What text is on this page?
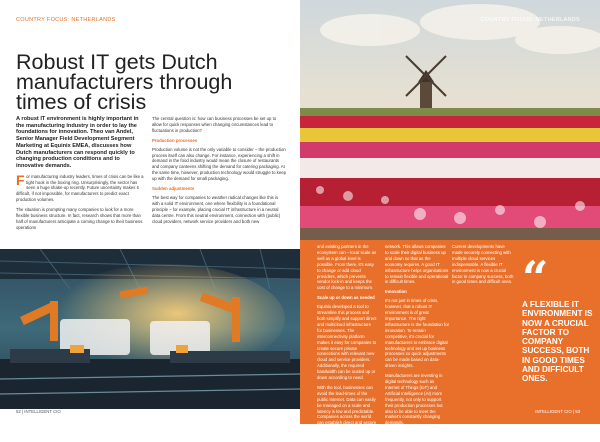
COUNTRY FOCUS: NETHERLANDS
Robust IT gets Dutch manufacturers through times of crisis

A robust IT environment is highly important in the manufacturing industry in order to lay the foundations for innovation. Theo van Andel, Senior Manager Field Development Segment Marketing at Equinix EMEA, discusses how Dutch manufacturers can respond quickly to changing production conditions and to innovative demands.

For manufacturing industry leaders, times of crisis can be like a tight hook in the boxing ring. Unsurprisingly, the sector has seen a huge shake-up recently. Future uncertainty makes it difficult, if not impossible, for manufacturers to predict exact production volumes.

The situation is prompting many companies to look for a more flexible business structure. In fact, research shows that more than half of manufacturers anticipate a coming change to their business operations

The central question is: how can business processes be set up to allow for quick responses when changing circumstances lead to fluctuations in production?

Production processes

Production volume is not the only variable to consider – the production process itself can also change. For instance, experiencing a shift in demand in the food industry would mean the closure of restaurants and company canteens shifting the demand for catering packaging. At the same time, however, production technology would struggle to keep up with the demand for small packaging.

Sudden adjustments

The best way for companies to weather radical changes like this is with a solid IT environment, one where flexibility is a foundational principle – for example, placing crucial IT infrastructure in a neutral data centre. From this neutral environment, connection with (public) cloud providers, network service providers and both new

52 | INTELLIGENT CIO
COUNTRY FOCUS: NETHERLANDS

and existing partners in the ecosystem can – local scale as well as a global level is possible. From there, it's easy to change or add cloud providers, which prevents vendor lock-in and keeps the cost of change to a minimum.

Scale up or down as needed

Equinix developed a tool to streamline this process and both simplify and support direct and multicloud infrastructure for businesses. The interconnectivity platform makes it easy for companies to create secure private connections with relevant new cloud and service providers. Additionally, the required bandwidth can be scaled up or down according to need.

With the tool, businesses can avoid the lead-times of the public Internet. Data can easily be managed on a scale and latency is low and predictable. Companies across the world can establish direct and secure interconnections with any other company via the Equinix

network. This allows companies to scale their digital business up and down so that as the economy requires. A good IT infrastructure helps organisations to remain flexible and operational in difficult times.

Innovation

It's not just in times of crisis, however, that a robust IT environment is of great importance. The right infrastructure is the foundation for innovation. To remain competitive, it's crucial for manufacturers to embrace digital technology and set up business processes so quick adjustments can be made based on data-driven insights.

Manufacturers are investing in digital technology such as Internet of Things (IoT) and Artificial Intelligence (AI) more frequently, not only to support their production processes but also to be able to meet the market's constantly changing demands.

Current developments have made securely connecting with multiple cloud services indispensable. A flexible IT environment is now a crucial factor in company success, both in good times and difficult ones. “
A FLEXIBLE IT ENVIRONMENT IS NOW A CRUCIAL FACTOR TO COMPANY SUCCESS, BOTH IN GOOD TIMES AND DIFFICULT ONES.
INTELLIGENT CIO | 53
